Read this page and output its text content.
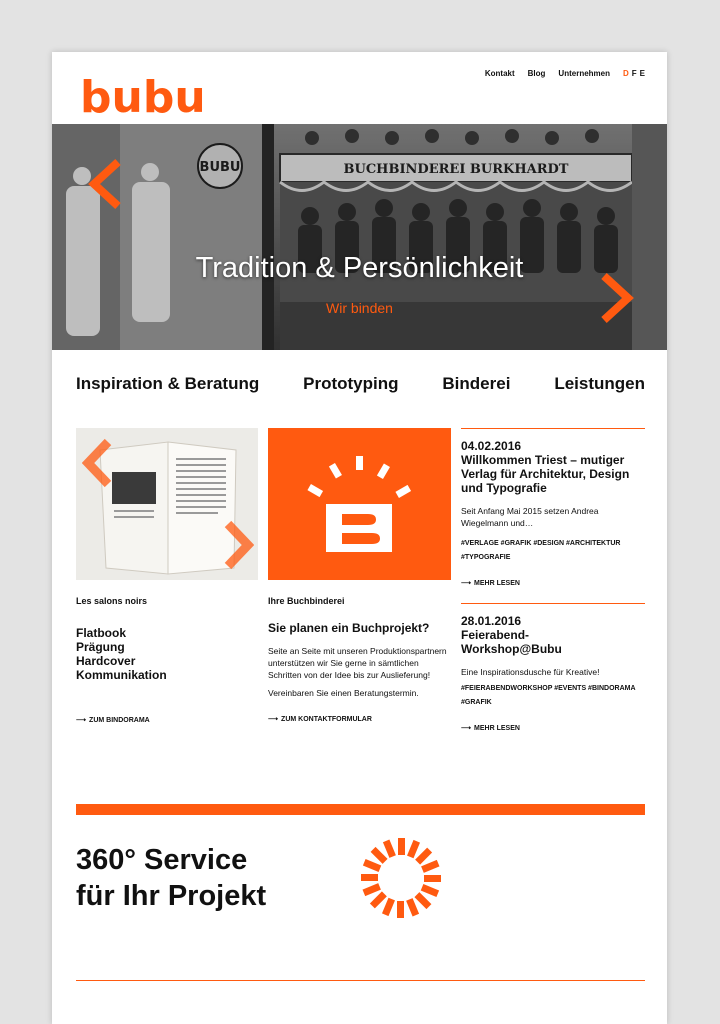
bubu	Kontakt Blog Unternehmen D F E
BUBU	BUCHBINDEREI BURKHARDT
Tradition & Persönlichkeit
Wir binden
Inspiration & Beratung	Prototyping	Binderei	Leistungen
Les salons noirs
Flatbook
Prägung
Hardcover
Kommunikation
⟶ ZUM BINDORAMA
Ihre Buchbinderei
Sie planen ein Buchprojekt?

Seite an Seite mit unseren Produktionspartnern unterstützen wir Sie gerne in sämtlichen Schritten von der Idee bis zur Auslieferung!

Vereinbaren Sie einen Beratungstermin.

⟶ ZUM KONTAKTFORMULAR
04.02.2016
Willkommen Triest – mutiger Verlag für Architektur, Design und Typografie
Seit Anfang Mai 2015 setzen Andrea Wiegelmann und…
#VERLAGE #GRAFIK #DESIGN #ARCHITEKTUR #TYPOGRAFIE
⟶ MEHR LESEN
28.01.2016
Feierabend-Workshop@Bubu
Eine Inspirationsdusche für Kreative!
#FEIERABENDWORKSHOP #EVENTS #BINDORAMA #GRAFIK
⟶ MEHR LESEN
360° Service
für Ihr Projekt
